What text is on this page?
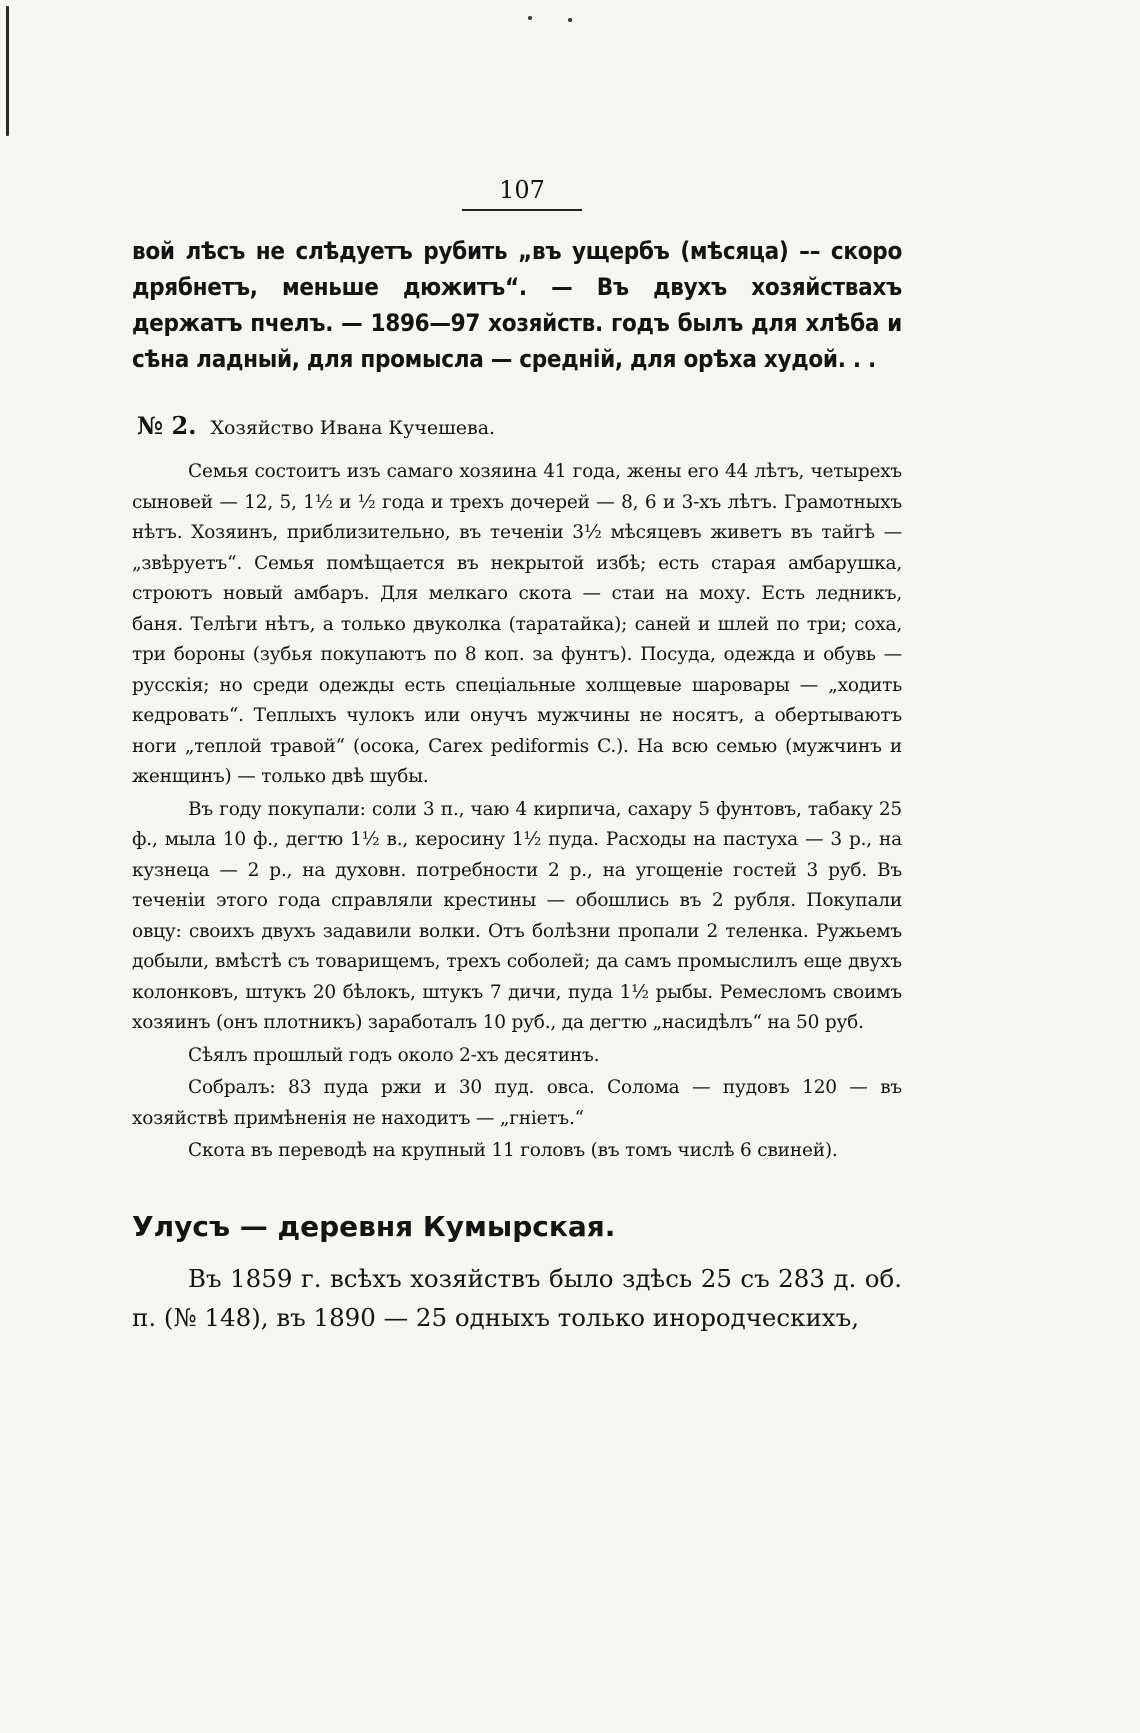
107

вой лѣсъ не слѣдуетъ рубить „въ ущербъ (мѣсяца) –– скоро дрябнетъ, меньше дюжитъ“. — Въ двухъ хозяйствахъ держатъ пчелъ. — 1896—97 хозяйств. годъ былъ для хлѣба и сѣна ладный, для промысла — средній, для орѣха худой. . .

№ 2. Хозяйство Ивана Кучешева.

Семья состоитъ изъ самаго хозяина 41 года, жены его 44 лѣтъ, четырехъ сыновей — 12, 5, 1½ и ½ года и трехъ дочерей — 8, 6 и 3-хъ лѣтъ. Грамотныхъ нѣтъ. Хозяинъ, приблизительно, въ теченіи 3½ мѣсяцевъ живетъ въ тайгѣ — „звѣруетъ“. Семья помѣщается въ некрытой избѣ; есть старая амбарушка, строютъ новый амбаръ. Для мелкаго скота — стаи на моху. Есть ледникъ, баня. Телѣги нѣтъ, а только двуколка (таратайка); саней и шлей по три; соха, три бороны (зубья покупаютъ по 8 коп. за фунтъ). Посуда, одежда и обувь — русскія; но среди одежды есть спеціальные холщевые шаровары — „ходить кедровать“. Теплыхъ чулокъ или онучъ мужчины не носятъ, а обертываютъ ноги „теплой травой“ (осока, Carex pediformis C.). На всю семью (мужчинъ и женщинъ) — только двѣ шубы.

Въ году покупали: соли 3 п., чаю 4 кирпича, сахару 5 фунтовъ, табаку 25 ф., мыла 10 ф., дегтю 1½ в., керосину 1½ пуда. Расходы на пастуха — 3 р., на кузнеца — 2 р., на духовн. потребности 2 р., на угощеніе гостей 3 руб. Въ теченіи этого года справляли крестины — обошлись въ 2 рубля. Покупали овцу: своихъ двухъ задавили волки. Отъ болѣзни пропали 2 теленка. Ружьемъ добыли, вмѣстѣ съ товарищемъ, трехъ соболей; да самъ промыслилъ еще двухъ колонковъ, штукъ 20 бѣлокъ, штукъ 7 дичи, пуда 1½ рыбы. Ремесломъ своимъ хозяинъ (онъ плотникъ) заработалъ 10 руб., да дегтю „насидѣлъ“ на 50 руб.

Сѣялъ прошлый годъ около 2-хъ десятинъ.

Собралъ: 83 пуда ржи и 30 пуд. овса. Солома — пудовъ 120 — въ хозяйствѣ примѣненія не находитъ — „гніетъ.“

Скота въ переводѣ на крупный 11 головъ (въ томъ числѣ 6 свиней).

Улусъ — деревня Кумырская.

Въ 1859 г. всѣхъ хозяйствъ было здѣсь 25 съ 283 д. об. п. (№ 148), въ 1890 — 25 одныхъ только инородческихъ,
